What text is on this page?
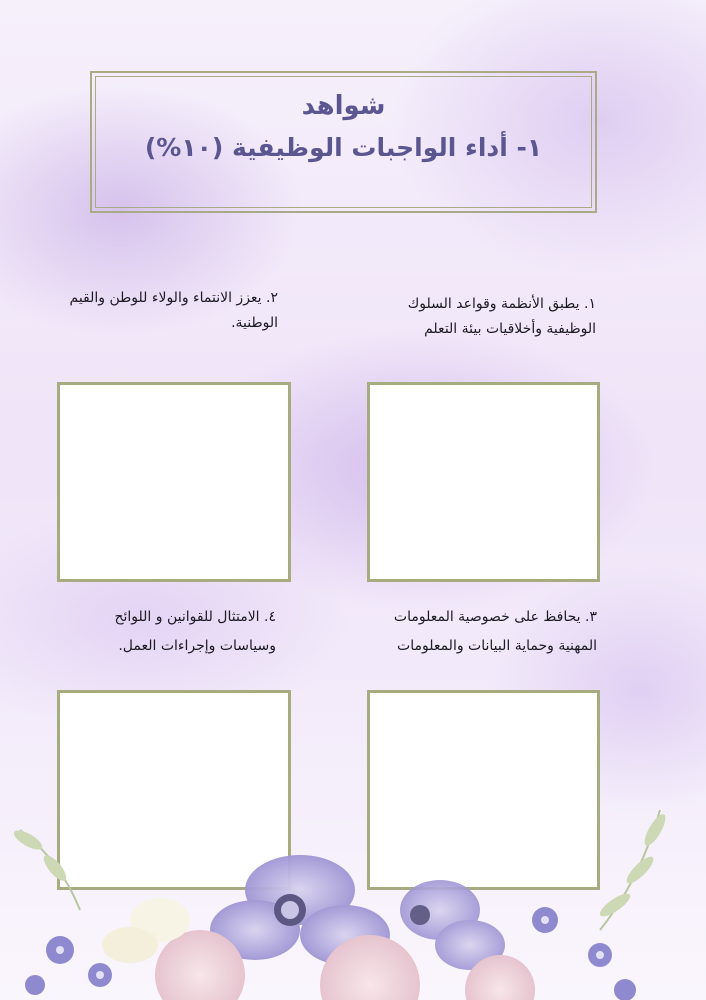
شواهد
١- أداء الواجبات الوظيفية (١٠%)
١. يطبق الأنظمة وقواعد السلوك الوظيفية وأخلاقيات بيئة التعلم
٢. يعزز الانتماء والولاء للوطن والقيم الوطنية.
٣. يحافظ على خصوصية المعلومات المهنية وحماية البيانات والمعلومات
٤. الامتثال للقوانين و اللوائح وسياسات وإجراءات العمل.
